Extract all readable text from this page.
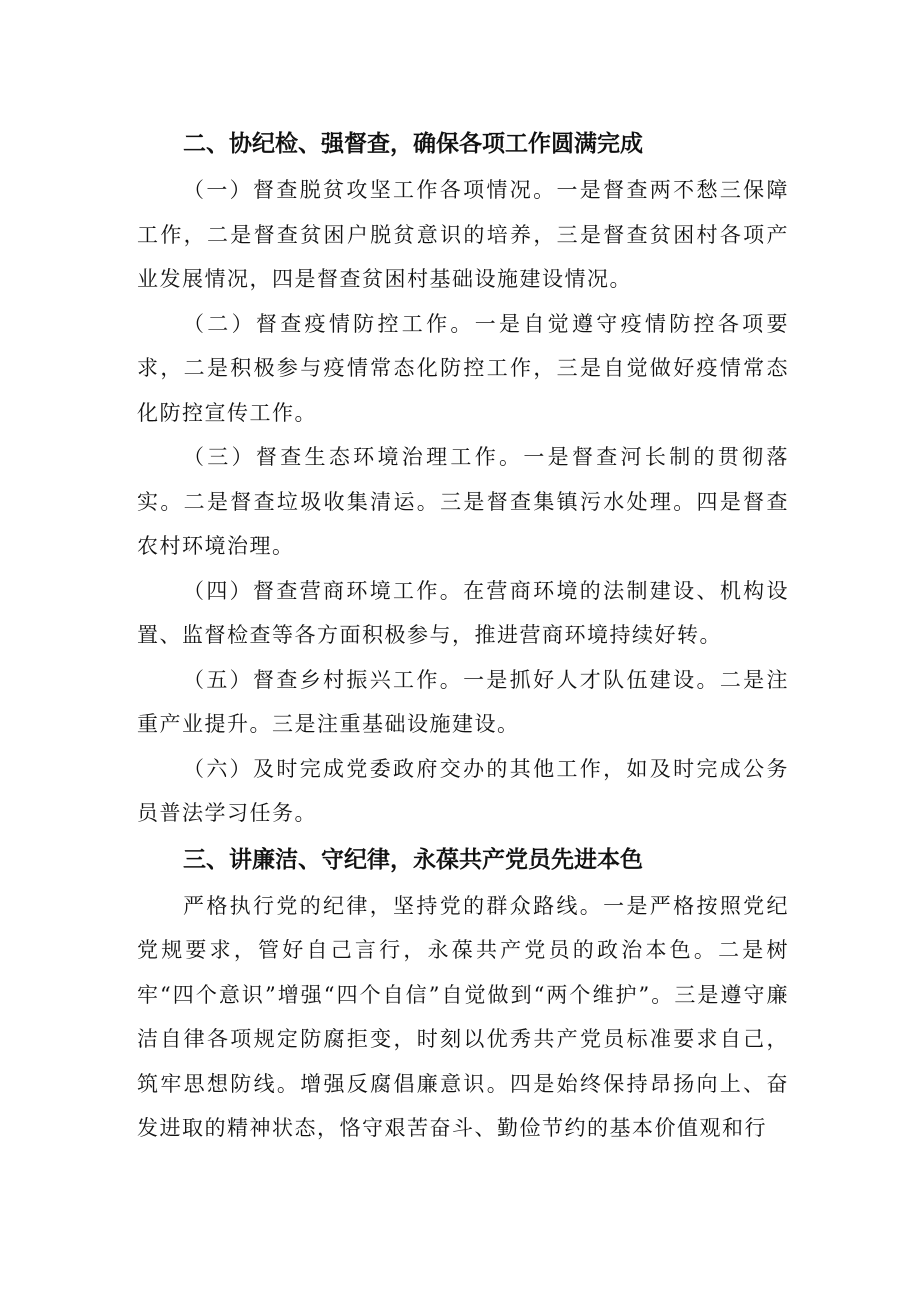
二、协纪检、强督查，确保各项工作圆满完成

（一）督查脱贫攻坚工作各项情况。一是督查两不愁三保障工作，二是督查贫困户脱贫意识的培养，三是督查贫困村各项产业发展情况，四是督查贫困村基础设施建设情况。

（二）督查疫情防控工作。一是自觉遵守疫情防控各项要求，二是积极参与疫情常态化防控工作，三是自觉做好疫情常态化防控宣传工作。

（三）督查生态环境治理工作。一是督查河长制的贯彻落实。二是督查垃圾收集清运。三是督查集镇污水处理。四是督查农村环境治理。

（四）督查营商环境工作。在营商环境的法制建设、机构设置、监督检查等各方面积极参与，推进营商环境持续好转。

（五）督查乡村振兴工作。一是抓好人才队伍建设。二是注重产业提升。三是注重基础设施建设。

（六）及时完成党委政府交办的其他工作，如及时完成公务员普法学习任务。

三、讲廉洁、守纪律，永葆共产党员先进本色

严格执行党的纪律，坚持党的群众路线。一是严格按照党纪党规要求，管好自己言行，永葆共产党员的政治本色。二是树牢“四个意识”增强“四个自信”自觉做到“两个维护”。三是遵守廉洁自律各项规定防腐拒变，时刻以优秀共产党员标准要求自己，筑牢思想防线。增强反腐倡廉意识。四是始终保持昂扬向上、奋发进取的精神状态，恪守艰苦奋斗、勤俭节约的基本价值观和行
